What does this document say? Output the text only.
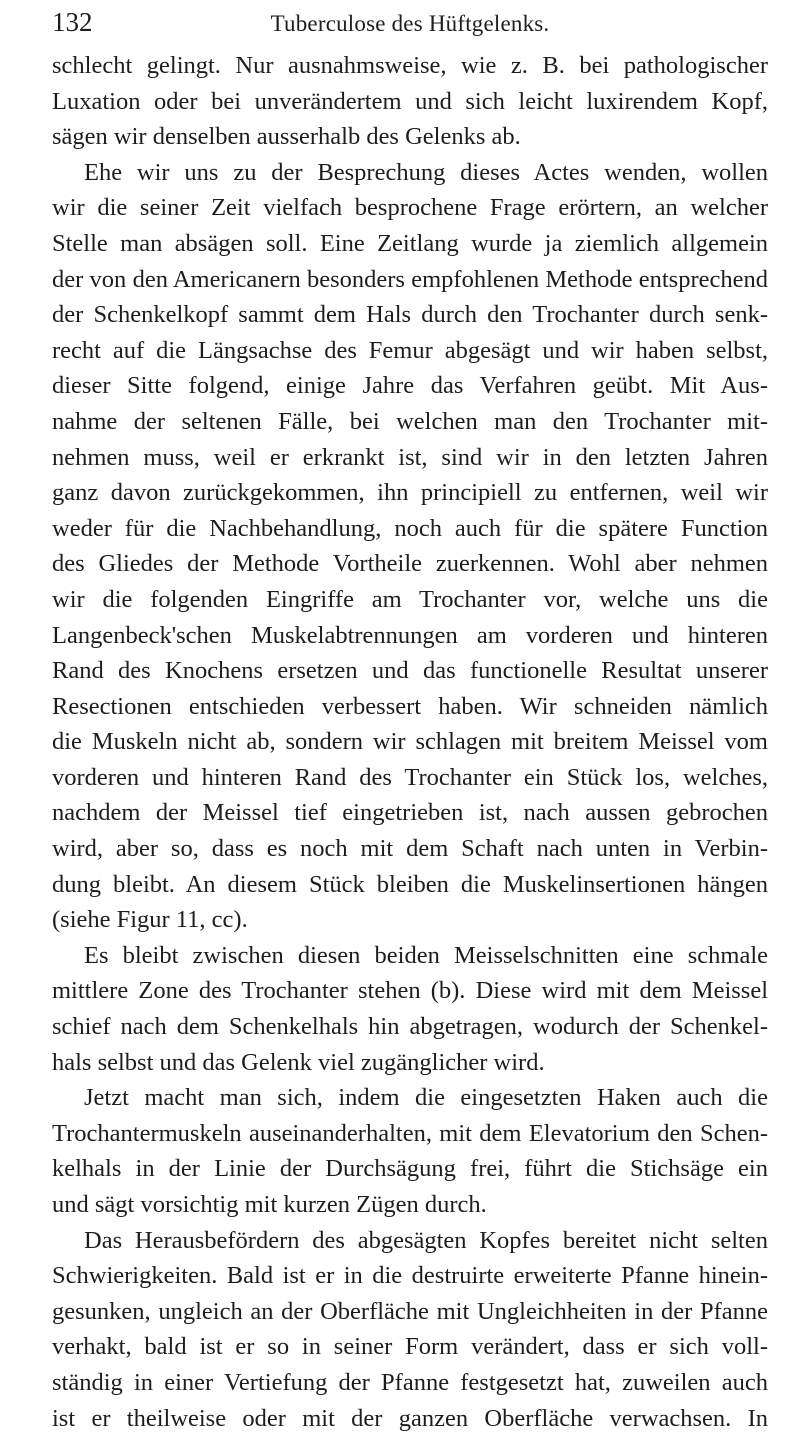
132	Tuberculose des Hüftgelenks.
schlecht gelingt. Nur ausnahmsweise, wie z. B. bei pathologischer
Luxation oder bei unverändertem und sich leicht luxirendem Kopf,
sägen wir denselben ausserhalb des Gelenks ab.
Ehe wir uns zu der Besprechung dieses Actes wenden, wollen
wir die seiner Zeit vielfach besprochene Frage erörtern, an welcher
Stelle man absägen soll. Eine Zeitlang wurde ja ziemlich allgemein
der von den Americanern besonders empfohlenen Methode entsprechend
der Schenkelkopf sammt dem Hals durch den Trochanter durch senk-
recht auf die Längsachse des Femur abgesägt und wir haben selbst,
dieser Sitte folgend, einige Jahre das Verfahren geübt. Mit Aus-
nahme der seltenen Fälle, bei welchen man den Trochanter mit-
nehmen muss, weil er erkrankt ist, sind wir in den letzten Jahren
ganz davon zurückgekommen, ihn principiell zu entfernen, weil wir
weder für die Nachbehandlung, noch auch für die spätere Function
des Gliedes der Methode Vortheile zuerkennen. Wohl aber nehmen
wir die folgenden Eingriffe am Trochanter vor, welche uns die
Langenbeck'schen Muskelabtrennungen am vorderen und hinteren
Rand des Knochens ersetzen und das functionelle Resultat unserer
Resectionen entschieden verbessert haben. Wir schneiden nämlich
die Muskeln nicht ab, sondern wir schlagen mit breitem Meissel vom
vorderen und hinteren Rand des Trochanter ein Stück los, welches,
nachdem der Meissel tief eingetrieben ist, nach aussen gebrochen
wird, aber so, dass es noch mit dem Schaft nach unten in Verbin-
dung bleibt. An diesem Stück bleiben die Muskelinsertionen hängen
(siehe Figur 11, cc).
Es bleibt zwischen diesen beiden Meisselschnitten eine schmale
mittlere Zone des Trochanter stehen (b). Diese wird mit dem Meissel
schief nach dem Schenkelhals hin abgetragen, wodurch der Schenkel-
hals selbst und das Gelenk viel zugänglicher wird.
Jetzt macht man sich, indem die eingesetzten Haken auch die
Trochantermuskeln auseinanderhalten, mit dem Elevatorium den Schen-
kelhals in der Linie der Durchsägung frei, führt die Stichsäge ein
und sägt vorsichtig mit kurzen Zügen durch.
Das Herausbefördern des abgesägten Kopfes bereitet nicht selten
Schwierigkeiten. Bald ist er in die destruirte erweiterte Pfanne hinein-
gesunken, ungleich an der Oberfläche mit Ungleichheiten in der Pfanne
verhakt, bald ist er so in seiner Form verändert, dass er sich voll-
ständig in einer Vertiefung der Pfanne festgesetzt hat, zuweilen auch
ist er theilweise oder mit der ganzen Oberfläche verwachsen. In
